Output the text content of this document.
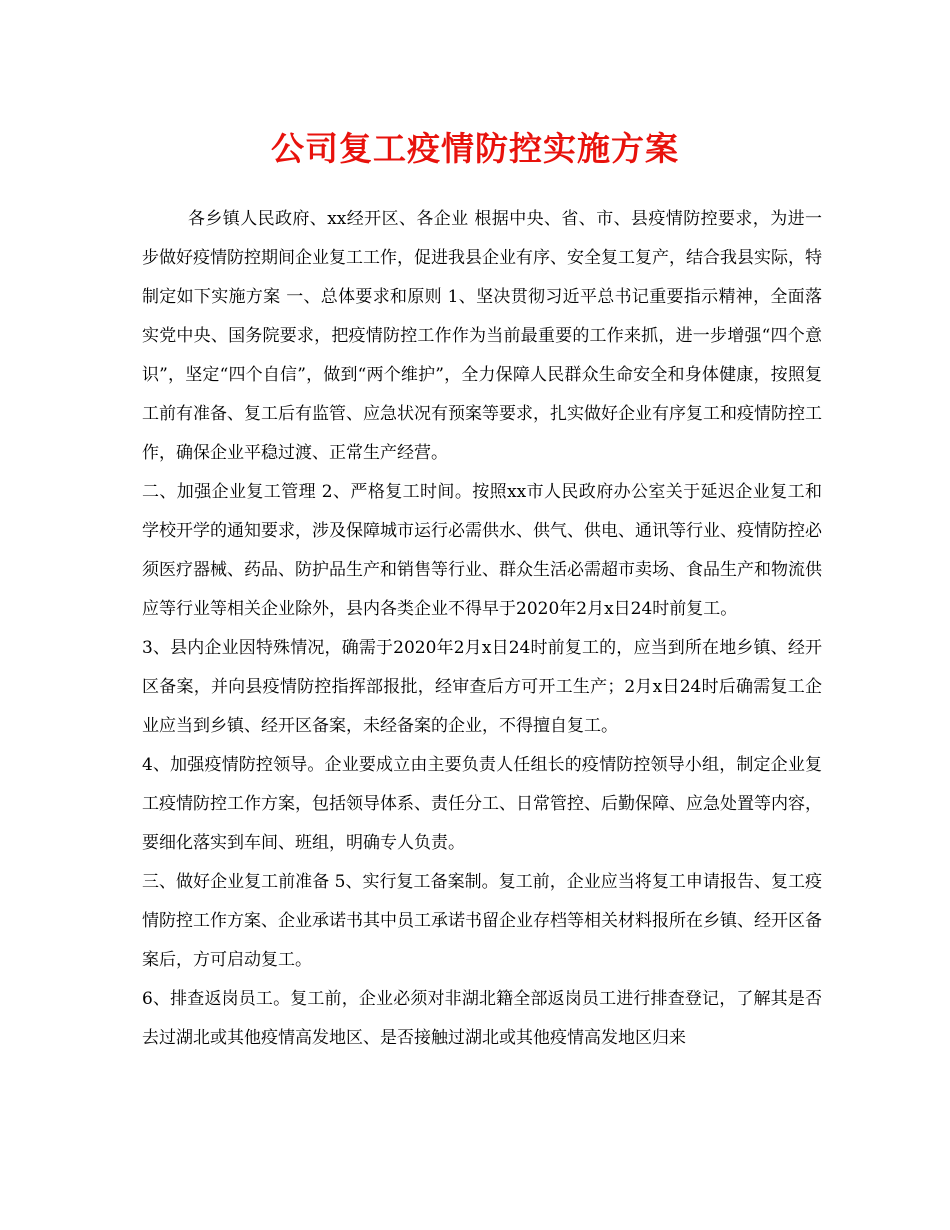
公司复工疫情防控实施方案

各乡镇人民政府、xx经开区、各企业 根据中央、省、市、县疫情防控要求，为进一步做好疫情防控期间企业复工工作，促进我县企业有序、安全复工复产，结合我县实际，特制定如下实施方案 一、总体要求和原则 1、坚决贯彻习近平总书记重要指示精神，全面落实党中央、国务院要求，把疫情防控工作作为当前最重要的工作来抓，进一步增强“四个意识”，坚定“四个自信”，做到“两个维护”，全力保障人民群众生命安全和身体健康，按照复工前有准备、复工后有监管、应急状况有预案等要求，扎实做好企业有序复工和疫情防控工作，确保企业平稳过渡、正常生产经营。

二、加强企业复工管理 2、严格复工时间。按照xx市人民政府办公室关于延迟企业复工和学校开学的通知要求，涉及保障城市运行必需供水、供气、供电、通讯等行业、疫情防控必须医疗器械、药品、防护品生产和销售等行业、群众生活必需超市卖场、食品生产和物流供应等行业等相关企业除外，县内各类企业不得早于2020年2月x日24时前复工。

3、县内企业因特殊情况，确需于2020年2月x日24时前复工的，应当到所在地乡镇、经开区备案，并向县疫情防控指挥部报批，经审查后方可开工生产；2月x日24时后确需复工企业应当到乡镇、经开区备案，未经备案的企业，不得擅自复工。

4、加强疫情防控领导。企业要成立由主要负责人任组长的疫情防控领导小组，制定企业复工疫情防控工作方案，包括领导体系、责任分工、日常管控、后勤保障、应急处置等内容，要细化落实到车间、班组，明确专人负责。

三、做好企业复工前准备 5、实行复工备案制。复工前，企业应当将复工申请报告、复工疫情防控工作方案、企业承诺书其中员工承诺书留企业存档等相关材料报所在乡镇、经开区备案后，方可启动复工。

6、排查返岗员工。复工前，企业必须对非湖北籍全部返岗员工进行排查登记，了解其是否去过湖北或其他疫情高发地区、是否接触过湖北或其他疫情高发地区归来
